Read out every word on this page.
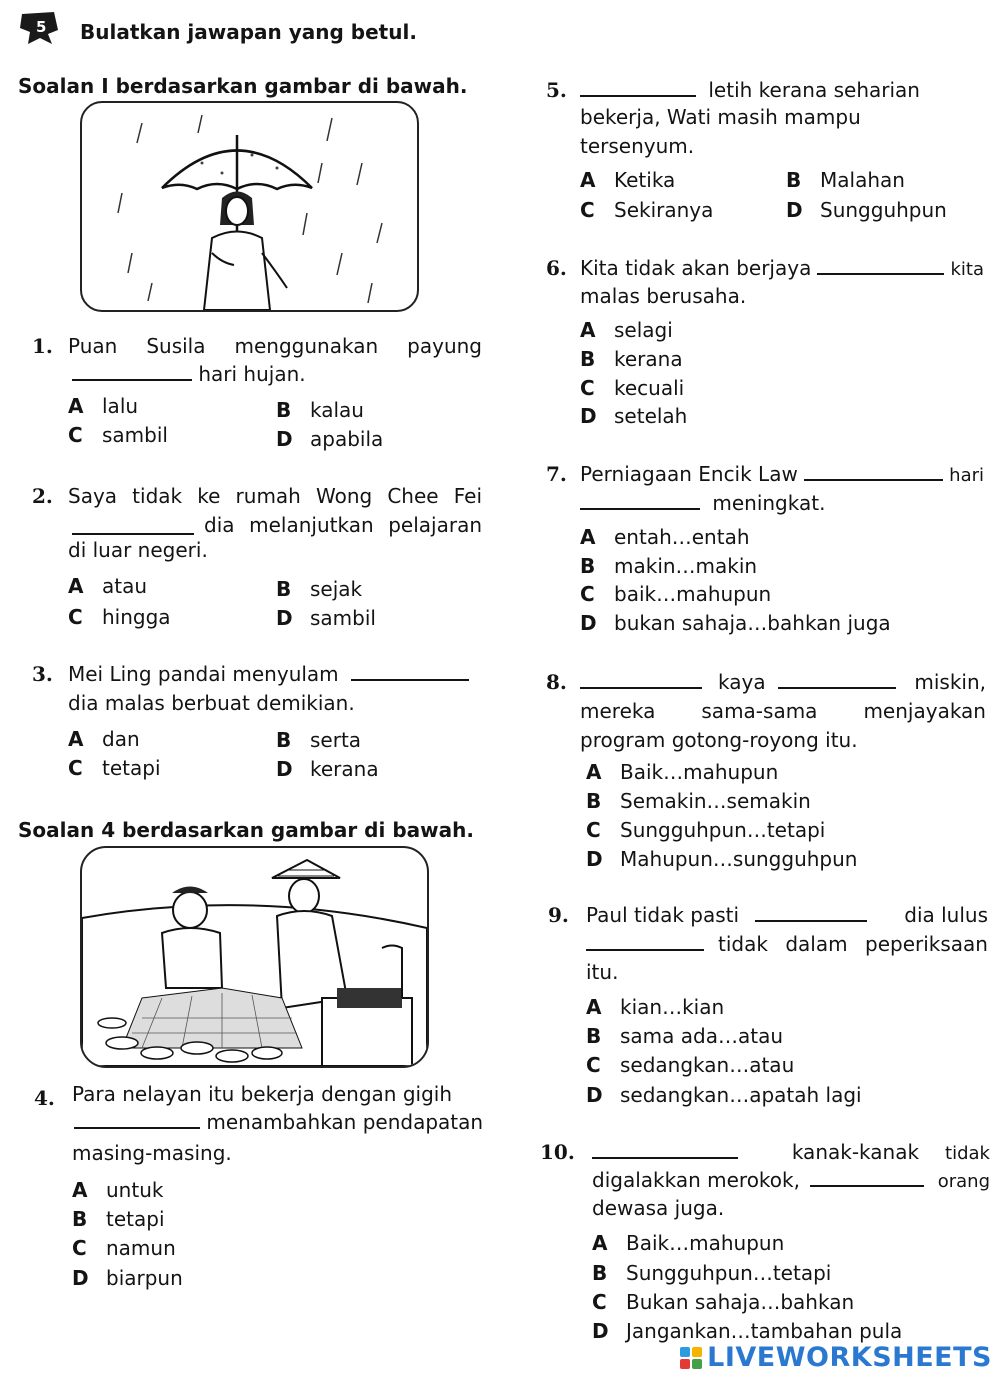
5 Bulatkan jawapan yang betul.
Soalan I berdasarkan gambar di bawah.
1. Puan Susila menggunakan payung
hari hujan.
A lalu	B kalau
C sambil	D apabila
2. Saya tidak ke rumah Wong Chee Fei
dia melanjutkan pelajaran
di luar negeri.
A atau	B sejak
C hingga	D sambil
3. Mei Ling pandai menyulam
dia malas berbuat demikian.
A dan	B serta
C tetapi	D kerana
Soalan 4 berdasarkan gambar di bawah.
4. Para nelayan itu bekerja dengan gigih
menambahkan pendapatan
masing-masing.
A untuk
B tetapi
C namun
D biarpun
5.	letih kerana seharian
bekerja, Wati masih mampu
tersenyum.
A Ketika	B Malahan
C Sekiranya	D Sungguhpun
6. Kita tidak akan berjaya	kita
malas berusaha.
A selagi
B kerana
C kecuali
D setelah
7. Perniagaan Encik Law	hari
meningkat.
A entah…entah
B makin…makin
C baik…mahupun
D bukan sahaja…bahkan juga
8.	kaya	miskin,
mereka sama-sama menjayakan
program gotong-royong itu.
A Baik…mahupun
B Semakin…semakin
C Sungguhpun…tetapi
D Mahupun…sungguhpun
9. Paul tidak pasti	dia lulus
tidak dalam peperiksaan
itu.
A kian…kian
B sama ada…atau
C sedangkan…atau
D sedangkan…apatah lagi
10.	kanak-kanak tidak
digalakkan merokok,	orang
dewasa juga.
A Baik…mahupun
B Sungguhpun…tetapi
C Bukan sahaja…bahkan
D Jangankan…tambahan pula
LIVEWORKSHEETS
